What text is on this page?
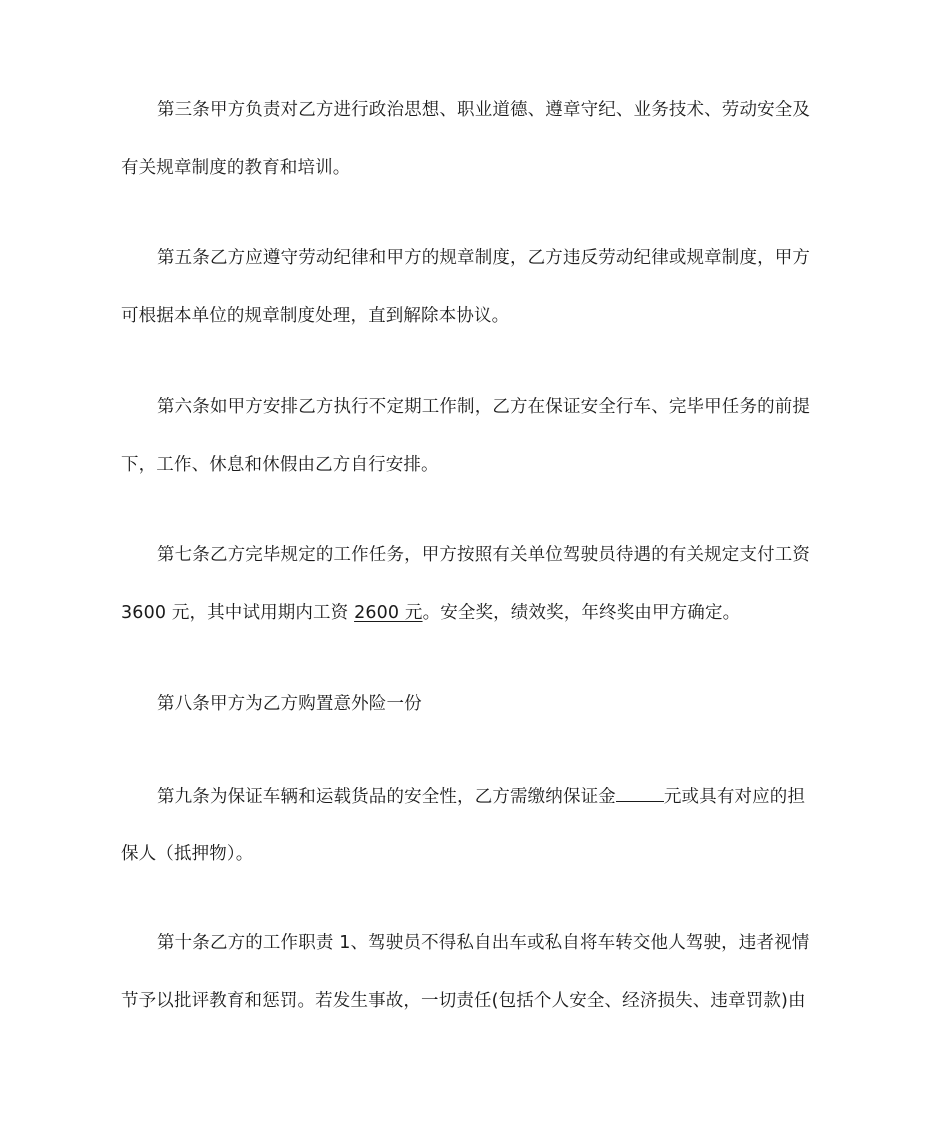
第三条甲方负责对乙方进行政治思想、职业道德、遵章守纪、业务技术、劳动安全及
有关规章制度的教育和培训。
第五条乙方应遵守劳动纪律和甲方的规章制度，乙方违反劳动纪律或规章制度，甲方
可根据本单位的规章制度处理，直到解除本协议。
第六条如甲方安排乙方执行不定期工作制，乙方在保证安全行车、完毕甲任务的前提
下，工作、休息和休假由乙方自行安排。
第七条乙方完毕规定的工作任务，甲方按照有关单位驾驶员待遇的有关规定支付工资
3600 元，其中试用期内工资 2600 元。安全奖，绩效奖，年终奖由甲方确定。
第八条甲方为乙方购置意外险一份
第九条为保证车辆和运载货品的安全性，乙方需缴纳保证金	元或具有对应的担
保人（抵押物）。
第十条乙方的工作职责 1、驾驶员不得私自出车或私自将车转交他人驾驶，违者视情
节予以批评教育和惩罚。若发生事故，一切责任(包括个人安全、经济损失、违章罚款)由
